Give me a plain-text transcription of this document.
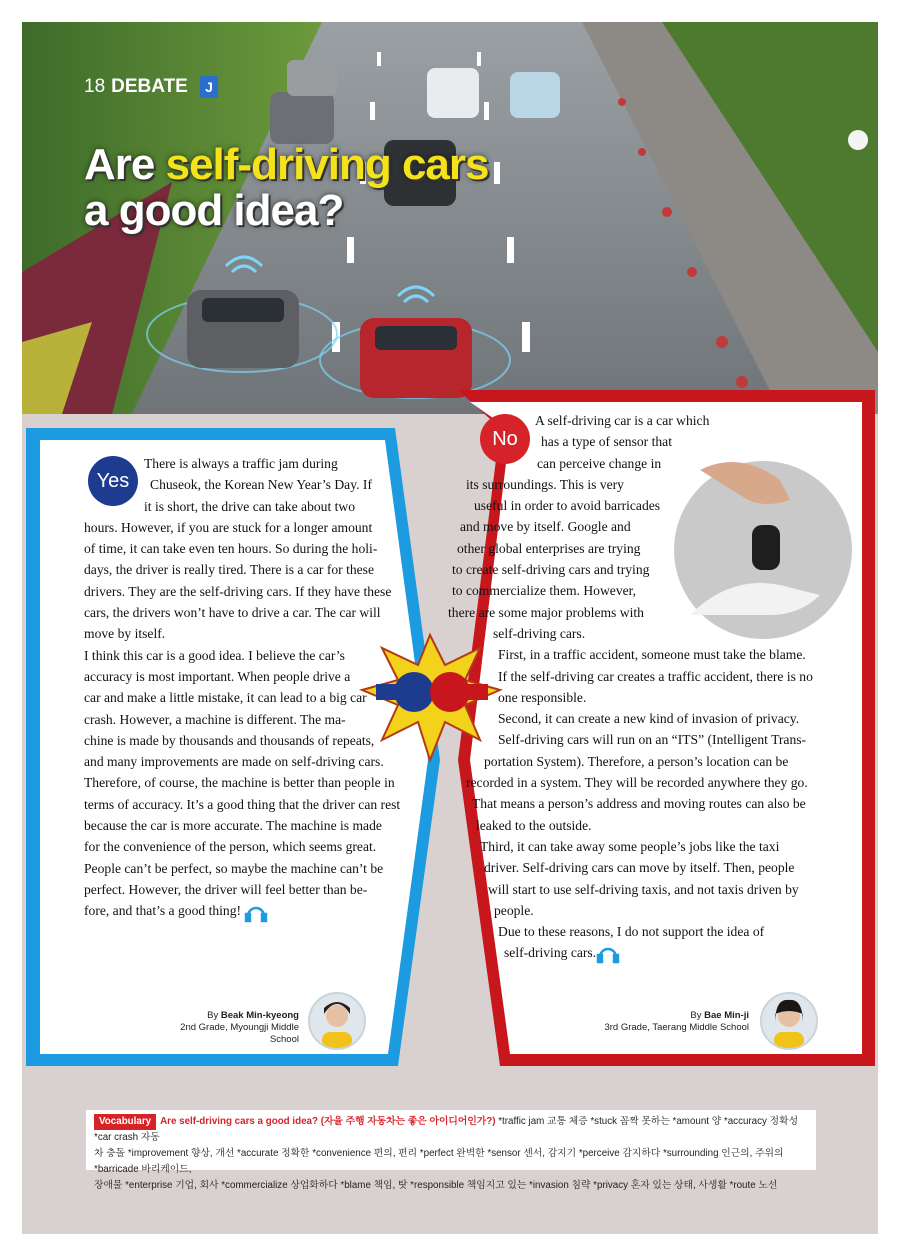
18 DEBATE	J
Are self-driving cars
a good idea?
Yes
No

There is always a traffic jam during

Chuseok, the Korean New Year’s Day. If

it is short, the drive can take about two

hours. However, if you are stuck for a longer amount

of time, it can take even ten hours. So during the holi-

days, the driver is really tired. There is a car for these

drivers. They are the self-driving cars. If they have these

cars, the drivers won’t have to drive a car. The car will

move by itself.

I think this car is a good idea. I believe the car’s

accuracy is most important. When people drive a

car and make a little mistake, it can lead to a big car

crash. However, a machine is different. The ma-

chine is made by thousands and thousands of repeats,

and many improvements are made on self-driving cars.

Therefore, of course, the machine is better than people in

terms of accuracy. It’s a good thing that the driver can rest

because the car is more accurate. The machine is made

for the convenience of the person, which seems great.

People can’t be perfect, so maybe the machine can’t be

perfect. However, the driver will feel better than be-

fore, and that’s a good thing!

A self-driving car is a car which

has a type of sensor that

can perceive change in

its surroundings. This is very

useful in order to avoid barricades

and move by itself. Google and

other global enterprises are trying

to create self-driving cars and trying

to commercialize them. However,

there are some major problems with

self-driving cars.

First, in a traffic accident, someone must take the blame.

If the self-driving car creates a traffic accident, there is no

one responsible.

Second, it can create a new kind of invasion of privacy.

Self-driving cars will run on an “ITS” (Intelligent Trans-

portation System). Therefore, a person’s location can be

recorded in a system. They will be recorded anywhere they go.

That means a person’s address and moving routes can also be

leaked to the outside.

Third, it can take away some people’s jobs like the taxi

driver. Self-driving cars can move by itself. Then, people

will start to use self-driving taxis, and not taxis driven by

people.

Due to these reasons, I do not support the idea of

self-driving cars.

By Beak Min-kyeong
2nd Grade, Myoungji Middle School
By Bae Min-ji
3rd Grade, Taerang Middle School
Vocabulary Are self-driving cars a good idea? (자율 주행 자동차는 좋은 아이디어인가?) *traffic jam 교통 체증 *stuck 꼼짝 못하는 *amount 양 *accuracy 정확성 *car crash 자동
차 충돌 *improvement 향상, 개선 *accurate 정확한 *convenience 편의, 편리 *perfect 완벽한 *sensor 센서, 감지기 *perceive 감지하다 *surrounding 인근의, 주위의 *barricade 바리케이드,
장애물 *enterprise 기업, 회사 *commercialize 상업화하다 *blame 책임, 탓 *responsible 책임지고 있는 *invasion 침략 *privacy 혼자 있는 상태, 사생활 *route 노선
